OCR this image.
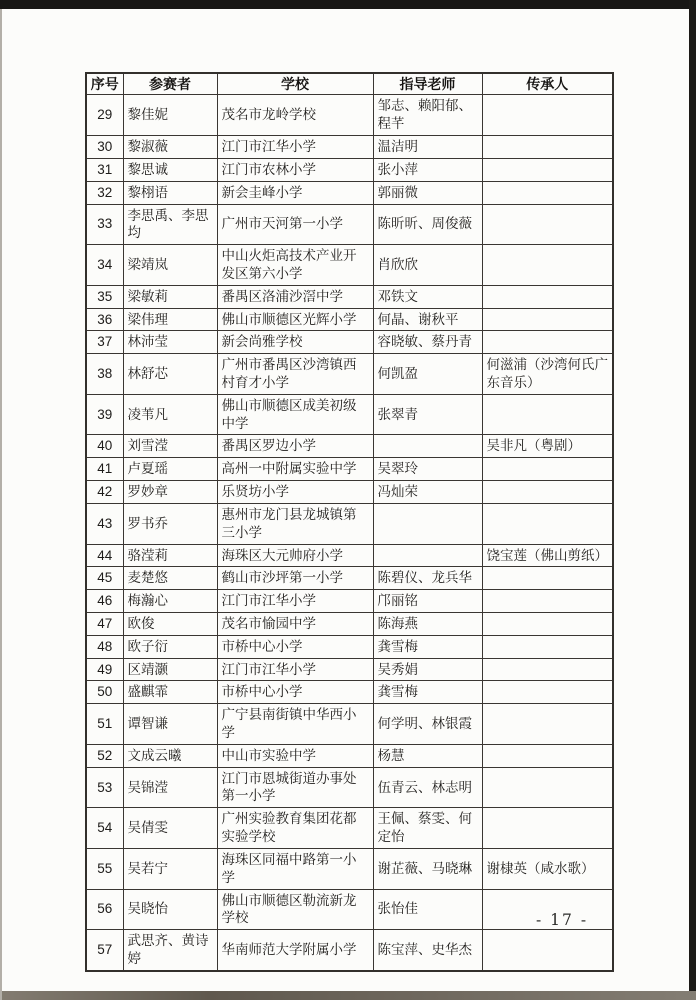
序号	参赛者	学校	指导老师	传承人
29	黎佳妮	茂名市龙岭学校	邹志、赖阳郁、程芊	
30	黎淑薇	江门市江华小学	温洁明	
31	黎思诚	江门市农林小学	张小萍	
32	黎栩语	新会圭峰小学	郭丽微	
33	李思禹、李思均	广州市天河第一小学	陈昕昕、周俊薇	
34	梁靖岚	中山火炬高技术产业开发区第六小学	肖欣欣	
35	梁敏莉	番禺区洛浦沙滘中学	邓铁文	
36	梁伟理	佛山市顺德区光辉小学	何晶、谢秋平	
37	林沛莹	新会尚雅学校	容晓敏、蔡丹青	
38	林舒芯	广州市番禺区沙湾镇西村育才小学	何凯盈	何滋浦（沙湾何氏广东音乐）
39	凌苇凡	佛山市顺德区成美初级中学	张翠青	
40	刘雪滢	番禺区罗边小学		吴非凡（粤剧）
41	卢夏瑶	高州一中附属实验中学	吴翠玲	
42	罗妙章	乐贤坊小学	冯灿荣	
43	罗书乔	惠州市龙门县龙城镇第三小学		
44	骆滢莉	海珠区大元帅府小学		饶宝莲（佛山剪纸）
45	麦楚悠	鹤山市沙坪第一小学	陈碧仪、龙兵华	
46	梅瀚心	江门市江华小学	邝丽铭	
47	欧俊	茂名市愉园中学	陈海燕	
48	欧子衍	市桥中心小学	龚雪梅	
49	区靖灏	江门市江华小学	吴秀娟	
50	盛麒霏	市桥中心小学	龚雪梅	
51	谭智谦	广宁县南街镇中华西小学	何学明、林银霞	
52	文成云曦	中山市实验中学	杨慧	
53	吴锦滢	江门市恩城街道办事处第一小学	伍青云、林志明	
54	吴倩雯	广州实验教育集团花都实验学校	王佩、蔡雯、何定怡	
55	吴若宁	海珠区同福中路第一小学	谢芷薇、马晓琳	谢棣英（咸水歌）
56	吴晓怡	佛山市顺德区勒流新龙学校	张怡佳	
57	武思齐、黄诗婷	华南师范大学附属小学	陈宝萍、史华杰	
- 17 -
